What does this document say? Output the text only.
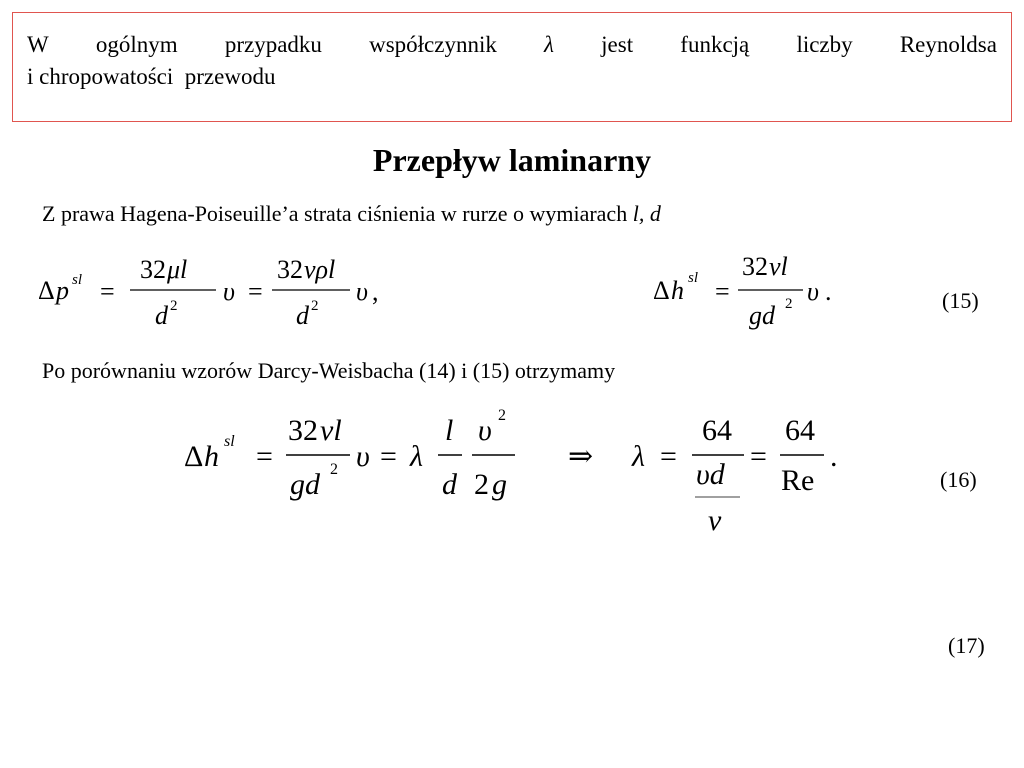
W ogólnym przypadku współczynnik λ jest funkcją liczby Reynoldsa
i chropowatości  przewodu
Przepływ laminarny
Z prawa Hagena-Poiseuille’a strata ciśnienia w rurze o wymiarach l, d
Δ p sl =
32 μl
d 2 υ =
32 νρl
d 2 υ ,	Δ h sl =
32 νl
gd 2 υ .	(15)
Po porównaniu wzorów Darcy-Weisbacha (14) i (15) otrzymamy
Δ h sl =
32 νl
gd 2 υ = λ
l
d
υ 2
2 g
⇒ λ =
64
υd
ν
=
64
Re
.
(16)
(17)
